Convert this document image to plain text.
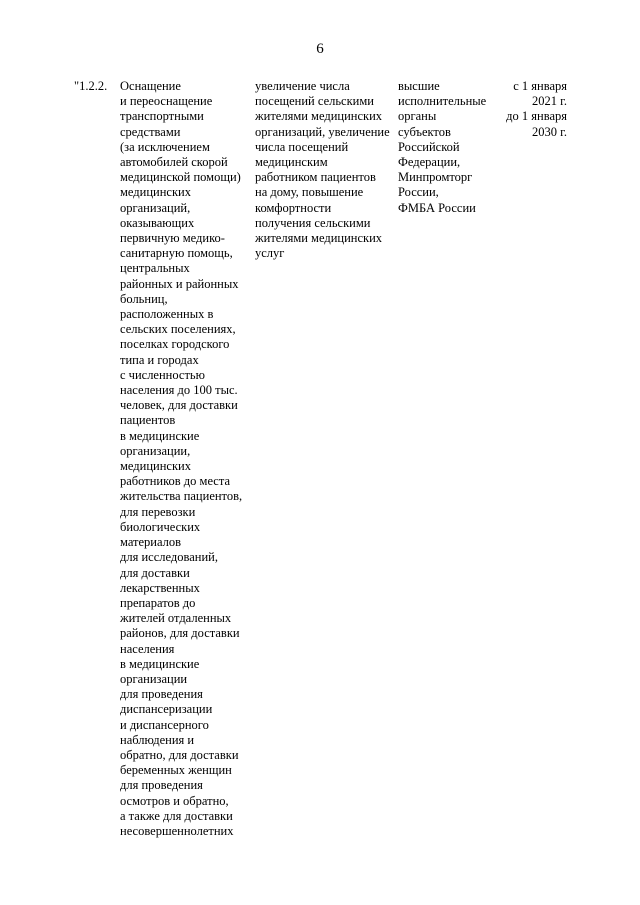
6
"1.2.2.	Оснащение
и переоснащение
транспортными
средствами
(за исключением
автомобилей скорой
медицинской помощи)
медицинских
организаций,
оказывающих
первичную медико-
санитарную помощь,
центральных
районных и районных
больниц,
расположенных в
сельских поселениях,
поселках городского
типа и городах
с численностью
населения до 100 тыс.
человек, для доставки
пациентов
в медицинские
организации,
медицинских
работников до места
жительства пациентов,
для перевозки
биологических
материалов
для исследований,
для доставки
лекарственных
препаратов до
жителей отдаленных
районов, для доставки
населения
в медицинские
организации
для проведения
диспансеризации
и диспансерного
наблюдения и
обратно, для доставки
беременных женщин
для проведения
осмотров и обратно,
а также для доставки
несовершеннолетних
увеличение числа
посещений сельскими
жителями медицинских
организаций, увеличение
числа посещений
медицинским
работником пациентов
на дому, повышение
комфортности
получения сельскими
жителями медицинских
услуг
высшие
исполнительные
органы
субъектов
Российской
Федерации,
Минпромторг
России,
ФМБА России
с 1 января
2021 г.
до 1 января
2030 г.
